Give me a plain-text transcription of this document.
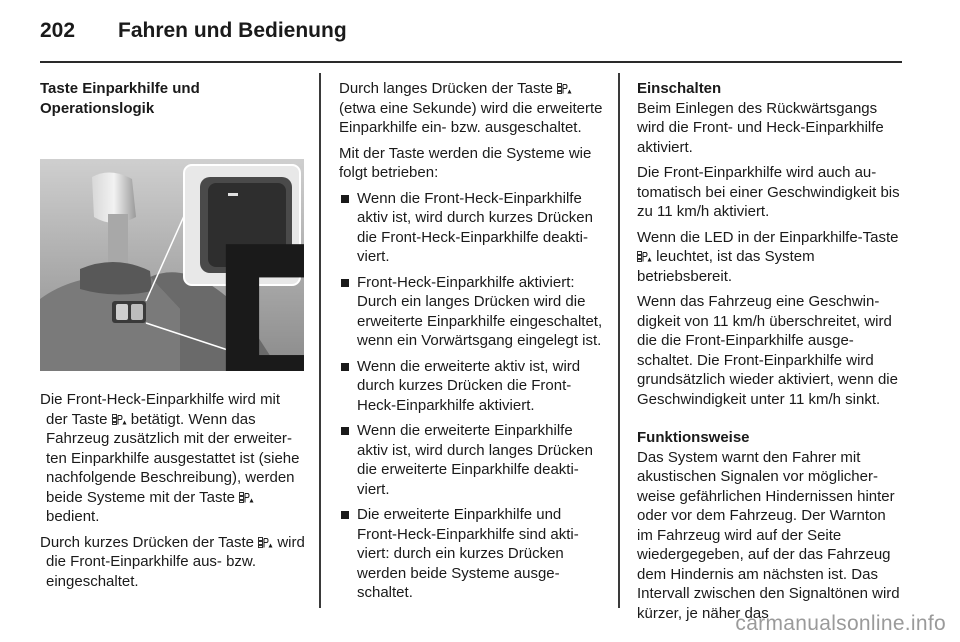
202 Fahren und Bedienung

Taste Einparkhilfe und Operationslogik

Die Front-Heck-Einparkhilfe wird mit der Taste betätigt. Wenn das Fahrzeug zusätzlich mit der erweiterten Einparkhilfe ausgestattet ist (siehe nachfolgende Beschreibung), werden beide Systeme mit der Taste  bedient.

Durch kurzes Drücken der Taste wird die Front-Einparkhilfe aus- bzw. eingeschaltet.

Durch langes Drücken der Taste  (etwa eine Sekunde) wird die erweiterte Einparkhilfe ein- bzw. ausgeschaltet.

Mit der Taste werden die Systeme wie folgt betrieben:

Wenn die Front-Heck-Einparkhilfe aktiv ist, wird durch kurzes Drücken die Front-Heck-Einparkhilfe deaktiviert.
Front-Heck-Einparkhilfe aktiviert: Durch ein langes Drücken wird die erweiterte Einparkhilfe eingeschaltet, wenn ein Vorwärtsgang eingelegt ist.
Wenn die erweiterte aktiv ist, wird durch kurzes Drücken die Front-Heck-Einparkhilfe aktiviert.
Wenn die erweiterte Einparkhilfe aktiv ist, wird durch langes Drücken die erweiterte Einparkhilfe deaktiviert.
Die erweiterte Einparkhilfe und Front-Heck-Einparkhilfe sind aktiviert: durch ein kurzes Drücken werden beide Systeme ausgeschaltet.

Einschalten

Beim Einlegen des Rückwärtsgangs wird die Front- und Heck-Einparkhilfe aktiviert.

Die Front-Einparkhilfe wird auch automatisch bei einer Geschwindigkeit bis zu 11 km/h aktiviert.

Wenn die LED in der Einparkhilfe-Taste  leuchtet, ist das System betriebsbereit.

Wenn das Fahrzeug eine Geschwindigkeit von 11 km/h überschreitet, wird die die Front-Einparkhilfe ausgeschaltet. Die Front-Einparkhilfe wird grundsätzlich wieder aktiviert, wenn die Geschwindigkeit unter 11 km/h sinkt.

Funktionsweise

Das System warnt den Fahrer mit akustischen Signalen vor möglicherweise gefährlichen Hindernissen hinter oder vor dem Fahrzeug. Der Warnton im Fahrzeug wird auf der Seite wiedergegeben, auf der das Fahrzeug dem Hindernis am nächsten ist. Das Intervall zwischen den Signaltönen wird kürzer, je näher das

carmanualsonline.info
